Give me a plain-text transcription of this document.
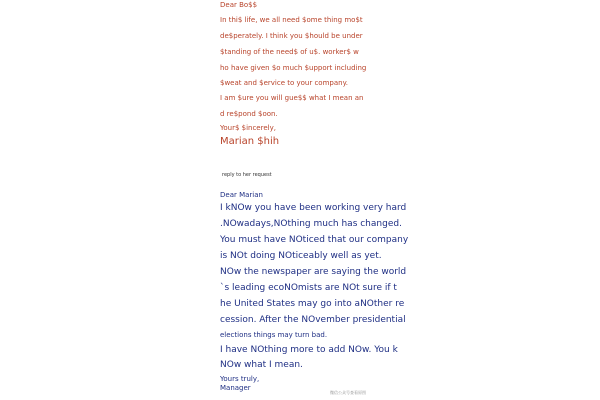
Dear Bo$$
In thi$ life, we all need $ome thing mo$t
de$perately. I think you $hould be under
$tanding of the need$ of u$. worker$ w
ho have given $o much $upport including
$weat and $ervice to your company.
I am $ure you will gue$$ what I mean an
d re$pond $oon.
Your$ $incerely,
Marian $hih
reply to her request
Dear Marian
I kNOw you have been working very hard
.NOwadays,NOthing much has changed.
You must have NOticed that our company
is NOt doing NOticeably well as yet.
NOw the newspaper are saying the world
`s leading ecoNOmists are NOt sure if t
he United States may go into aNOther re
cession. After the NOvember presidential
elections things may turn bad.
I have NOthing more to add NOw. You k
NOw what I mean.
Yours truly,
Manager
微信公众号查看原图
